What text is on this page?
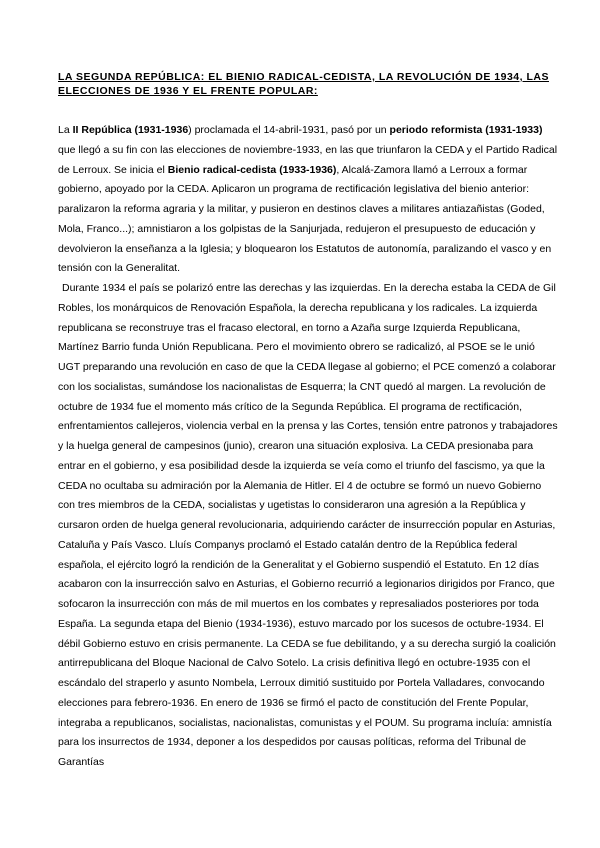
LA SEGUNDA REPÚBLICA: EL BIENIO RADICAL-CEDISTA, LA REVOLUCIÓN DE 1934, LAS ELECCIONES DE 1936 Y EL FRENTE POPULAR:

La II República (1931-1936) proclamada el 14-abril-1931, pasó por un periodo reformista (1931-1933) que llegó a su fin con las elecciones de noviembre-1933, en las que triunfaron la CEDA y el Partido Radical de Lerroux. Se inicia el Bienio radical-cedista (1933-1936), Alcalá-Zamora llamó a Lerroux a formar gobierno, apoyado por la CEDA. Aplicaron un programa de rectificación legislativa del bienio anterior: paralizaron la reforma agraria y la militar, y pusieron en destinos claves a militares antiazañistas (Goded, Mola, Franco...); amnistiaron a los golpistas de la Sanjurjada, redujeron el presupuesto de educación y devolvieron la enseñanza a la Iglesia; y bloquearon los Estatutos de autonomía, paralizando el vasco y en tensión con la Generalitat.

Durante 1934 el país se polarizó entre las derechas y las izquierdas. En la derecha estaba la CEDA de Gil Robles, los monárquicos de Renovación Española, la derecha republicana y los radicales. La izquierda republicana se reconstruye tras el fracaso electoral, en torno a Azaña surge Izquierda Republicana, Martínez Barrio funda Unión Republicana. Pero el movimiento obrero se radicalizó, al PSOE se le unió UGT preparando una revolución en caso de que la CEDA llegase al gobierno; el PCE comenzó a colaborar con los socialistas, sumándose los nacionalistas de Esquerra; la CNT quedó al margen. La revolución de octubre de 1934 fue el momento más crítico de la Segunda República. El programa de rectificación, enfrentamientos callejeros, violencia verbal en la prensa y las Cortes, tensión entre patronos y trabajadores y la huelga general de campesinos (junio), crearon una situación explosiva. La CEDA presionaba para entrar en el gobierno, y esa posibilidad desde la izquierda se veía como el triunfo del fascismo, ya que la CEDA no ocultaba su admiración por la Alemania de Hitler. El 4 de octubre se formó un nuevo Gobierno con tres miembros de la CEDA, socialistas y ugetistas lo consideraron una agresión a la República y cursaron orden de huelga general revolucionaria, adquiriendo carácter de insurrección popular en Asturias, Cataluña y País Vasco. Lluís Companys proclamó el Estado catalán dentro de la República federal española, el ejército logró la rendición de la Generalitat y el Gobierno suspendió el Estatuto. En 12 días acabaron con la insurrección salvo en Asturias, el Gobierno recurrió a legionarios dirigidos por Franco, que sofocaron la insurrección con más de mil muertos en los combates y represaliados posteriores por toda España. La segunda etapa del Bienio (1934-1936), estuvo marcado por los sucesos de octubre-1934. El débil Gobierno estuvo en crisis permanente. La CEDA se fue debilitando, y a su derecha surgió la coalición antirrepublicana del Bloque Nacional de Calvo Sotelo. La crisis definitiva llegó en octubre-1935 con el escándalo del straperlo y asunto Nombela, Lerroux dimitió sustituido por Portela Valladares, convocando elecciones para febrero-1936. En enero de 1936 se firmó el pacto de constitución del Frente Popular, integraba a republicanos, socialistas, nacionalistas, comunistas y el POUM. Su programa incluía: amnistía para los insurrectos de 1934, deponer a los despedidos por causas políticas, reforma del Tribunal de Garantías
